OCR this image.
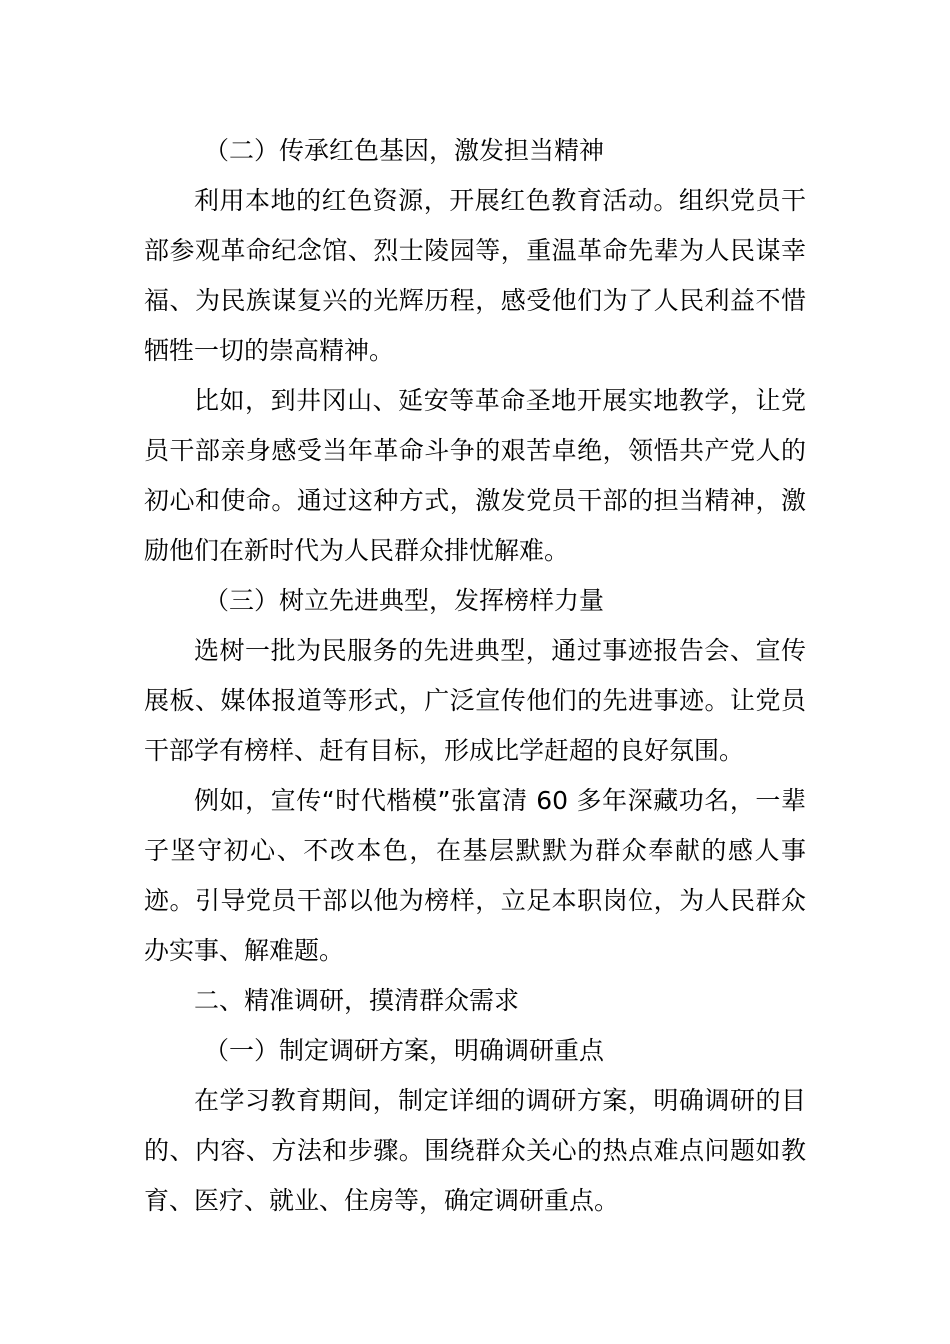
（二）传承红色基因，激发担当精神

利用本地的红色资源，开展红色教育活动。组织党员干部参观革命纪念馆、烈士陵园等，重温革命先辈为人民谋幸福、为民族谋复兴的光辉历程，感受他们为了人民利益不惜牺牲一切的崇高精神。

比如，到井冈山、延安等革命圣地开展实地教学，让党员干部亲身感受当年革命斗争的艰苦卓绝，领悟共产党人的初心和使命。通过这种方式，激发党员干部的担当精神，激励他们在新时代为人民群众排忧解难。

（三）树立先进典型，发挥榜样力量

选树一批为民服务的先进典型，通过事迹报告会、宣传展板、媒体报道等形式，广泛宣传他们的先进事迹。让党员干部学有榜样、赶有目标，形成比学赶超的良好氛围。

例如，宣传“时代楷模”张富清 60 多年深藏功名，一辈子坚守初心、不改本色，在基层默默为群众奉献的感人事迹。引导党员干部以他为榜样，立足本职岗位，为人民群众办实事、解难题。

二、精准调研，摸清群众需求

（一）制定调研方案，明确调研重点

在学习教育期间，制定详细的调研方案，明确调研的目的、内容、方法和步骤。围绕群众关心的热点难点问题如教育、医疗、就业、住房等，确定调研重点。
